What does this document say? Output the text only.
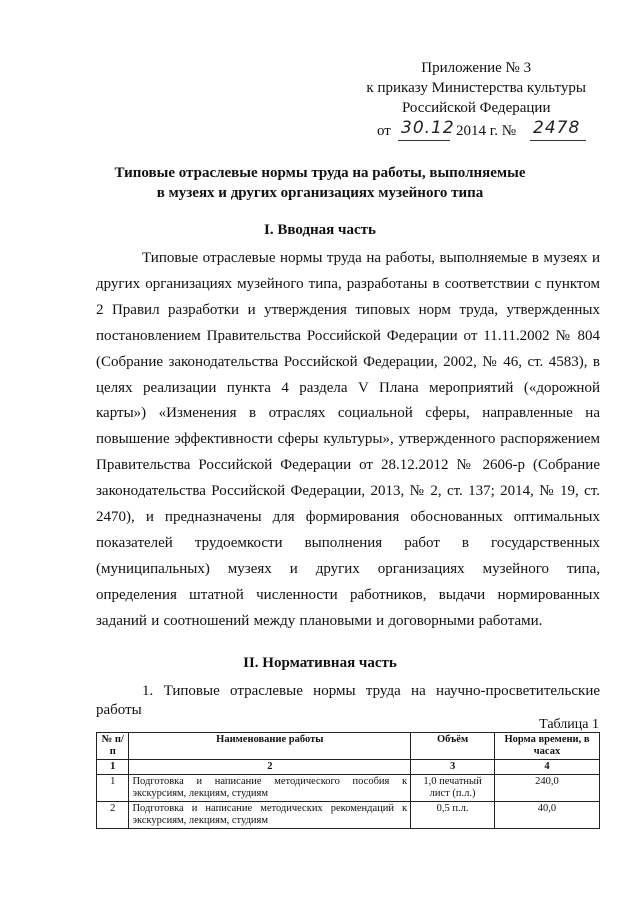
Приложение № 3
к приказу Министерства культуры
Российской Федерации
от 30.12 2014 г. № 2478
Типовые отраслевые нормы труда на работы, выполняемые
в музеях и других организациях музейного типа
I. Вводная часть
Типовые отраслевые нормы труда на работы, выполняемые в музеях и других организациях музейного типа, разработаны в соответствии с пунктом 2 Правил разработки и утверждения типовых норм труда, утвержденных постановлением Правительства Российской Федерации от 11.11.2002 № 804 (Собрание законодательства Российской Федерации, 2002, № 46, ст. 4583), в целях реализации пункта 4 раздела V Плана мероприятий («дорожной карты») «Изменения в отраслях социальной сферы, направленные на повышение эффективности сферы культуры», утвержденного распоряжением Правительства Российской Федерации от 28.12.2012 № 2606-р (Собрание законодательства Российской Федерации, 2013, № 2, ст. 137; 2014, № 19, ст. 2470), и предназначены для формирования обоснованных оптимальных показателей трудоемкости выполнения работ в государственных (муниципальных) музеях и других организациях музейного типа, определения штатной численности работников, выдачи нормированных заданий и соотношений между плановыми и договорными работами.
II. Нормативная часть
1. Типовые отраслевые нормы труда на научно-просветительские работы
Таблица 1
№ п/п	Наименование работы	Объём	Норма времени, в часах
1	2	3	4
1	Подготовка и написание методического пособия к экскурсиям, лекциям, студиям	1,0 печатный лист (п.л.)	240,0
2	Подготовка и написание методических рекомендаций к экскурсиям, лекциям, студиям	0,5 п.л.	40,0
